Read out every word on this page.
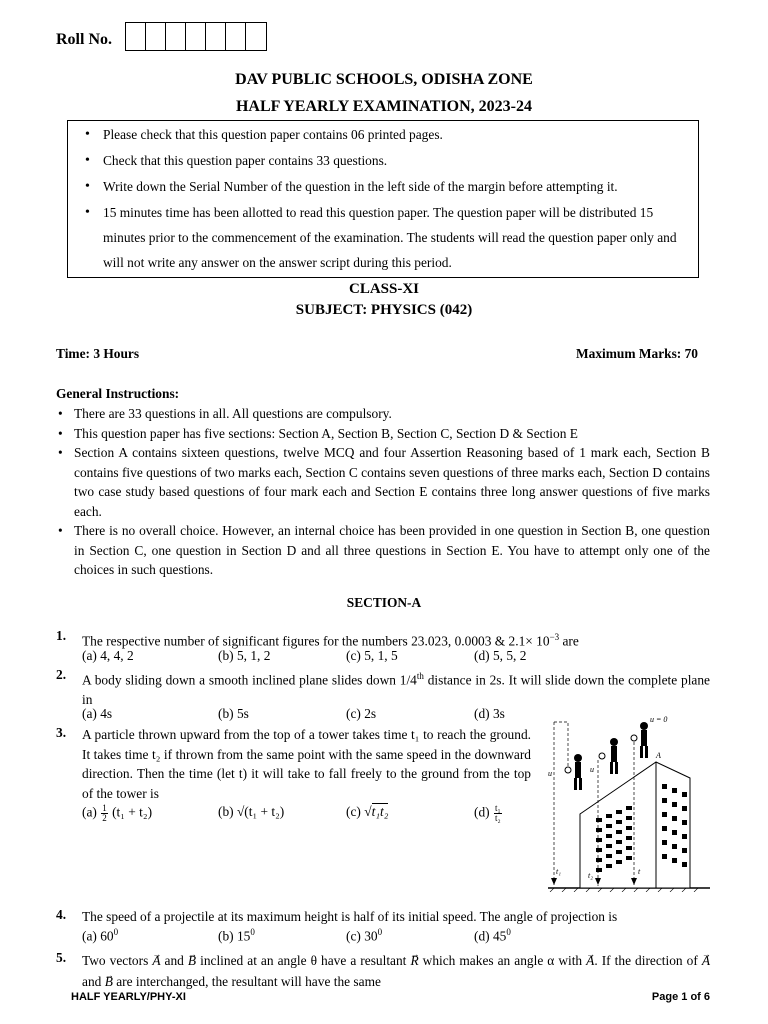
Roll No.
DAV PUBLIC SCHOOLS, ODISHA ZONE
HALF YEARLY EXAMINATION, 2023-24
• Please check that this question paper contains 06 printed pages.
• Check that this question paper contains 33 questions.
• Write down the Serial Number of the question in the left side of the margin before attempting it.
• 15 minutes time has been allotted to read this question paper. The question paper will be distributed 15 minutes prior to the commencement of the examination. The students will read the question paper only and will not write any answer on the answer script during this period.
CLASS-XI
SUBJECT: PHYSICS (042)
Time: 3 Hours	Maximum Marks: 70
General Instructions:
• There are 33 questions in all. All questions are compulsory.
• This question paper has five sections: Section A, Section B, Section C, Section D & Section E
• Section A contains sixteen questions, twelve MCQ and four Assertion Reasoning based of 1 mark each, Section B contains five questions of two marks each, Section C contains seven questions of three marks each, Section D contains two case study based questions of four mark each and Section E contains three long answer questions of five marks each.
• There is no overall choice. However, an internal choice has been provided in one question in Section B, one question in Section C, one question in Section D and all three questions in Section E. You have to attempt only one of the choices in such questions.
SECTION-A
1. The respective number of significant figures for the numbers 23.023, 0.0003 & $2.1\times 10^{-3}$ are
(a) 4, 4, 2	(b) 5, 1, 2	(c) 5, 1, 5	(d) 5, 5, 2
2. A body sliding down a smooth inclined plane slides down 1/4th distance in 2s. It will slide down the complete plane in
(a) 4s	(b) 5s	(c) 2s	(d) 3s
3. A particle thrown upward from the top of a tower takes time t₁ to reach the ground. It takes time t₂ if thrown from the same point with the same speed in the downward direction. Then the time (let t) it will take to fall freely to the ground from the top of the tower is
$(a) \frac{1}{2} (t_1 + t_2)$	(b) √(t₁ + t₂)	(c) √t₁t₂	$(d) \frac{\text{t₁}}{\text{t₂}}$
u	u
u = 0
A
t₁	t₂	t
4. The speed of a projectile at its maximum height is half of its initial speed. The angle of projection is
(a) $60^0$	(b) $15^0$	(c) $30^0$	(d) $45^0$
5. Two vectors → A and → B inclined at an angle θ have a resultant → R which makes an angle α with → A. If the direction of → A and → B are interchanged, the resultant will have the same
HALF YEARLY/PHY-XI	Page 1 of 6
